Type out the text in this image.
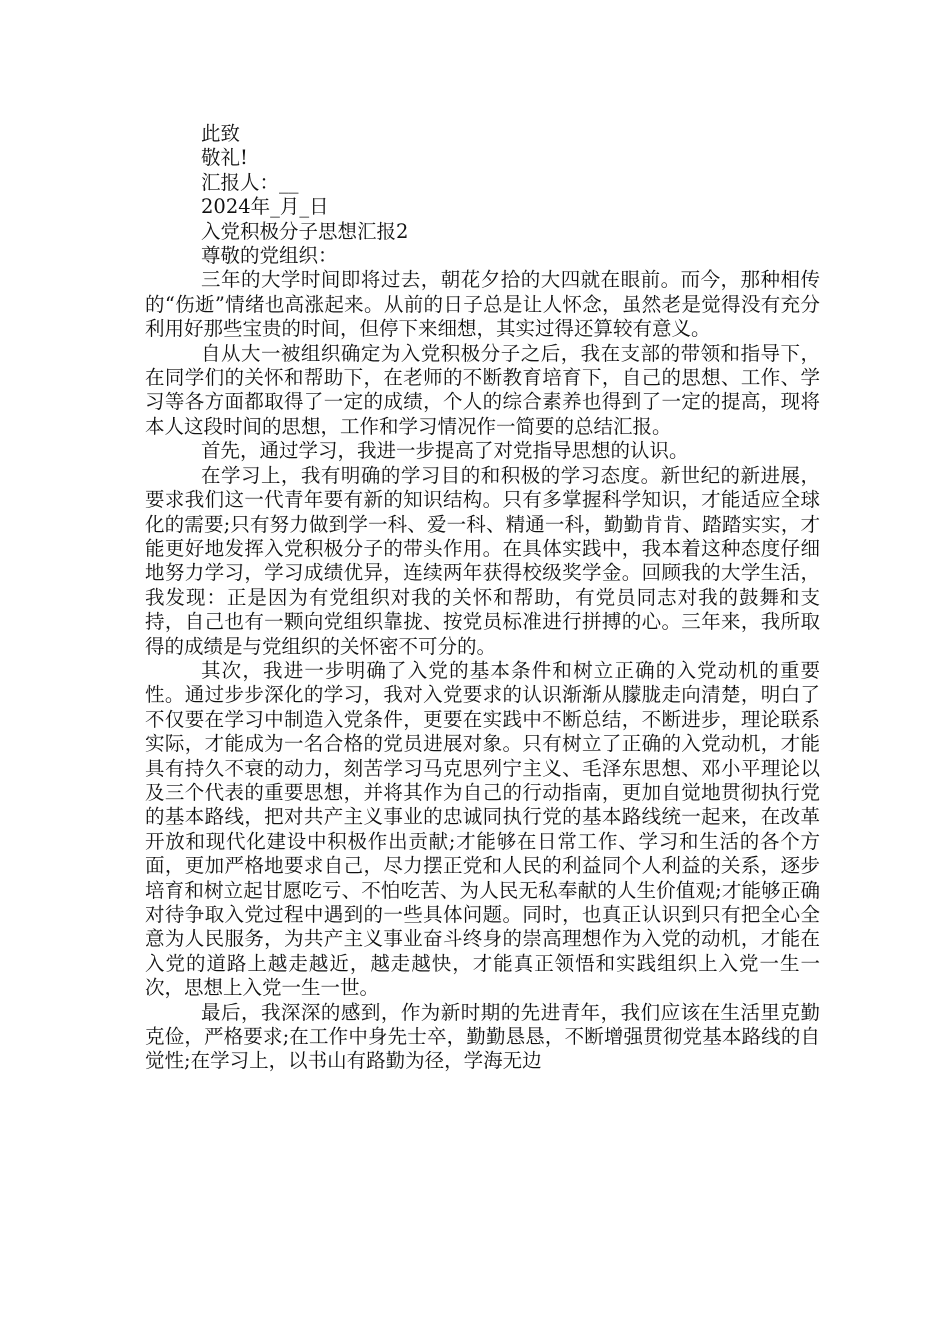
此致
敬礼!
汇报人：__
2024年_月_日
入党积极分子思想汇报2
尊敬的党组织：

三年的大学时间即将过去，朝花夕拾的大四就在眼前。而今，那种相传的“伤逝”情绪也高涨起来。从前的日子总是让人怀念，虽然老是觉得没有充分利用好那些宝贵的时间，但停下来细想，其实过得还算较有意义。

自从大一被组织确定为入党积极分子之后，我在支部的带领和指导下，在同学们的关怀和帮助下，在老师的不断教育培育下，自己的思想、工作、学习等各方面都取得了一定的成绩，个人的综合素养也得到了一定的提高，现将本人这段时间的思想，工作和学习情况作一简要的总结汇报。

首先，通过学习，我进一步提高了对党指导思想的认识。

在学习上，我有明确的学习目的和积极的学习态度。新世纪的新进展，要求我们这一代青年要有新的知识结构。只有多掌握科学知识，才能适应全球化的需要;只有努力做到学一科、爱一科、精通一科，勤勤肯肯、踏踏实实，才能更好地发挥入党积极分子的带头作用。在具体实践中，我本着这种态度仔细地努力学习，学习成绩优异，连续两年获得校级奖学金。回顾我的大学生活，我发现：正是因为有党组织对我的关怀和帮助，有党员同志对我的鼓舞和支持，自己也有一颗向党组织靠拢、按党员标准进行拼搏的心。三年来，我所取得的成绩是与党组织的关怀密不可分的。

其次，我进一步明确了入党的基本条件和树立正确的入党动机的重要性。通过步步深化的学习，我对入党要求的认识渐渐从朦胧走向清楚，明白了不仅要在学习中制造入党条件，更要在实践中不断总结，不断进步，理论联系实际，才能成为一名合格的党员进展对象。只有树立了正确的入党动机，才能具有持久不衰的动力，刻苦学习马克思列宁主义、毛泽东思想、邓小平理论以及三个代表的重要思想，并将其作为自己的行动指南，更加自觉地贯彻执行党的基本路线，把对共产主义事业的忠诚同执行党的基本路线统一起来，在改革开放和现代化建设中积极作出贡献;才能够在日常工作、学习和生活的各个方面，更加严格地要求自己，尽力摆正党和人民的利益同个人利益的关系，逐步培育和树立起甘愿吃亏、不怕吃苦、为人民无私奉献的人生价值观;才能够正确对待争取入党过程中遇到的一些具体问题。同时，也真正认识到只有把全心全意为人民服务，为共产主义事业奋斗终身的崇高理想作为入党的动机，才能在入党的道路上越走越近，越走越快，才能真正领悟和实践组织上入党一生一次，思想上入党一生一世。

最后，我深深的感到，作为新时期的先进青年，我们应该在生活里克勤克俭，严格要求;在工作中身先士卒，勤勤恳恳，不断增强贯彻党基本路线的自觉性;在学习上，以书山有路勤为径，学海无边
